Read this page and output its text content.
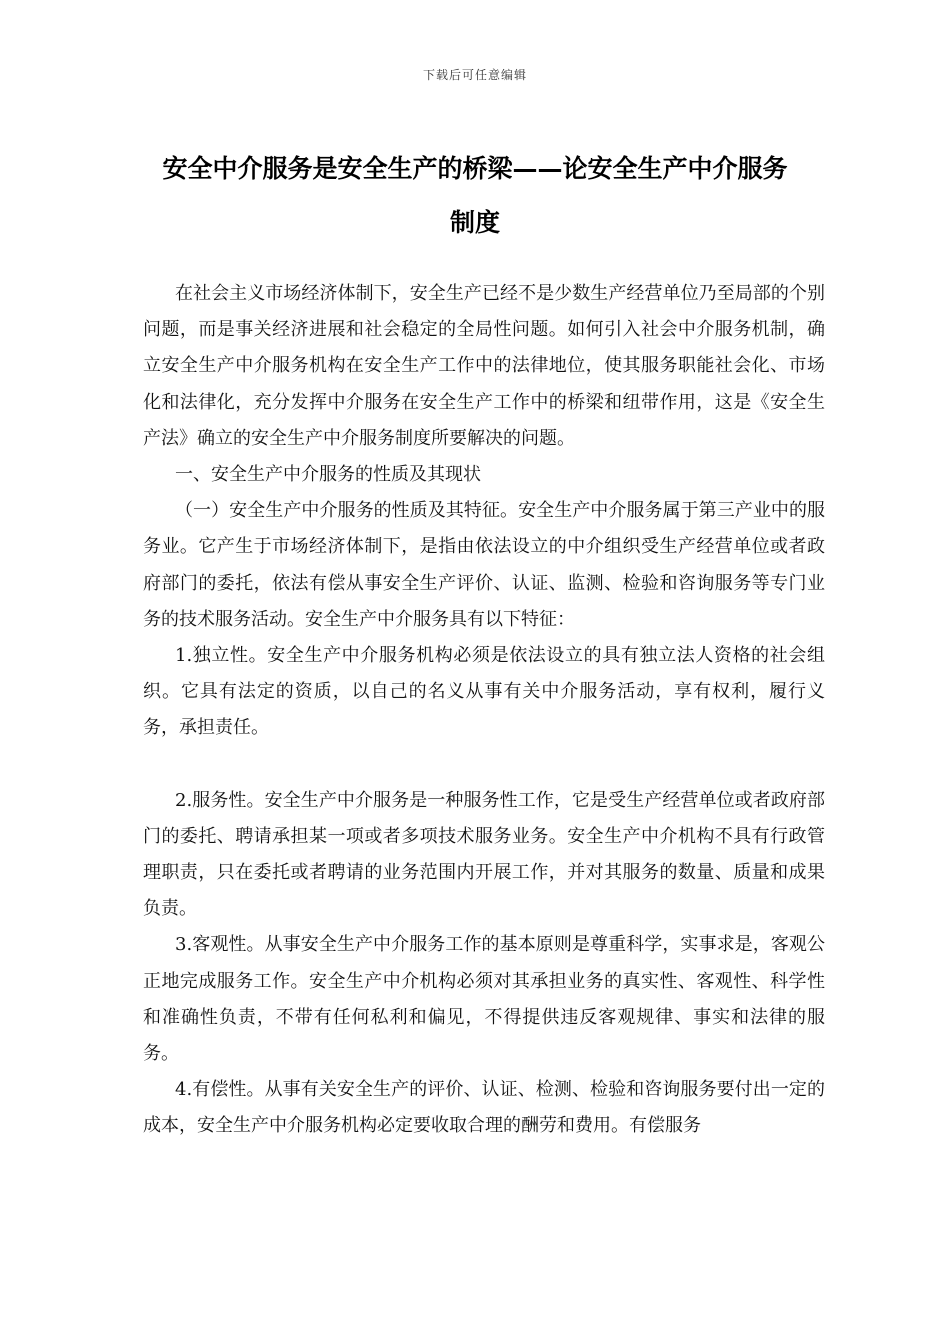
下载后可任意编辑
安全中介服务是安全生产的桥梁——论安全生产中介服务
制度

在社会主义市场经济体制下，安全生产已经不是少数生产经营单位乃至局部的个别问题，而是事关经济进展和社会稳定的全局性问题。如何引入社会中介服务机制，确立安全生产中介服务机构在安全生产工作中的法律地位，使其服务职能社会化、市场化和法律化，充分发挥中介服务在安全生产工作中的桥梁和纽带作用，这是《安全生产法》确立的安全生产中介服务制度所要解决的问题。

一、安全生产中介服务的性质及其现状

（一）安全生产中介服务的性质及其特征。安全生产中介服务属于第三产业中的服务业。它产生于市场经济体制下，是指由依法设立的中介组织受生产经营单位或者政府部门的委托，依法有偿从事安全生产评价、认证、监测、检验和咨询服务等专门业务的技术服务活动。安全生产中介服务具有以下特征：

1.独立性。安全生产中介服务机构必须是依法设立的具有独立法人资格的社会组织。它具有法定的资质，以自己的名义从事有关中介服务活动，享有权利，履行义务，承担责任。

2.服务性。安全生产中介服务是一种服务性工作，它是受生产经营单位或者政府部门的委托、聘请承担某一项或者多项技术服务业务。安全生产中介机构不具有行政管理职责，只在委托或者聘请的业务范围内开展工作，并对其服务的数量、质量和成果负责。

3.客观性。从事安全生产中介服务工作的基本原则是尊重科学，实事求是，客观公正地完成服务工作。安全生产中介机构必须对其承担业务的真实性、客观性、科学性和准确性负责，不带有任何私利和偏见，不得提供违反客观规律、事实和法律的服务。

4.有偿性。从事有关安全生产的评价、认证、检测、检验和咨询服务要付出一定的成本，安全生产中介服务机构必定要收取合理的酬劳和费用。有偿服务
